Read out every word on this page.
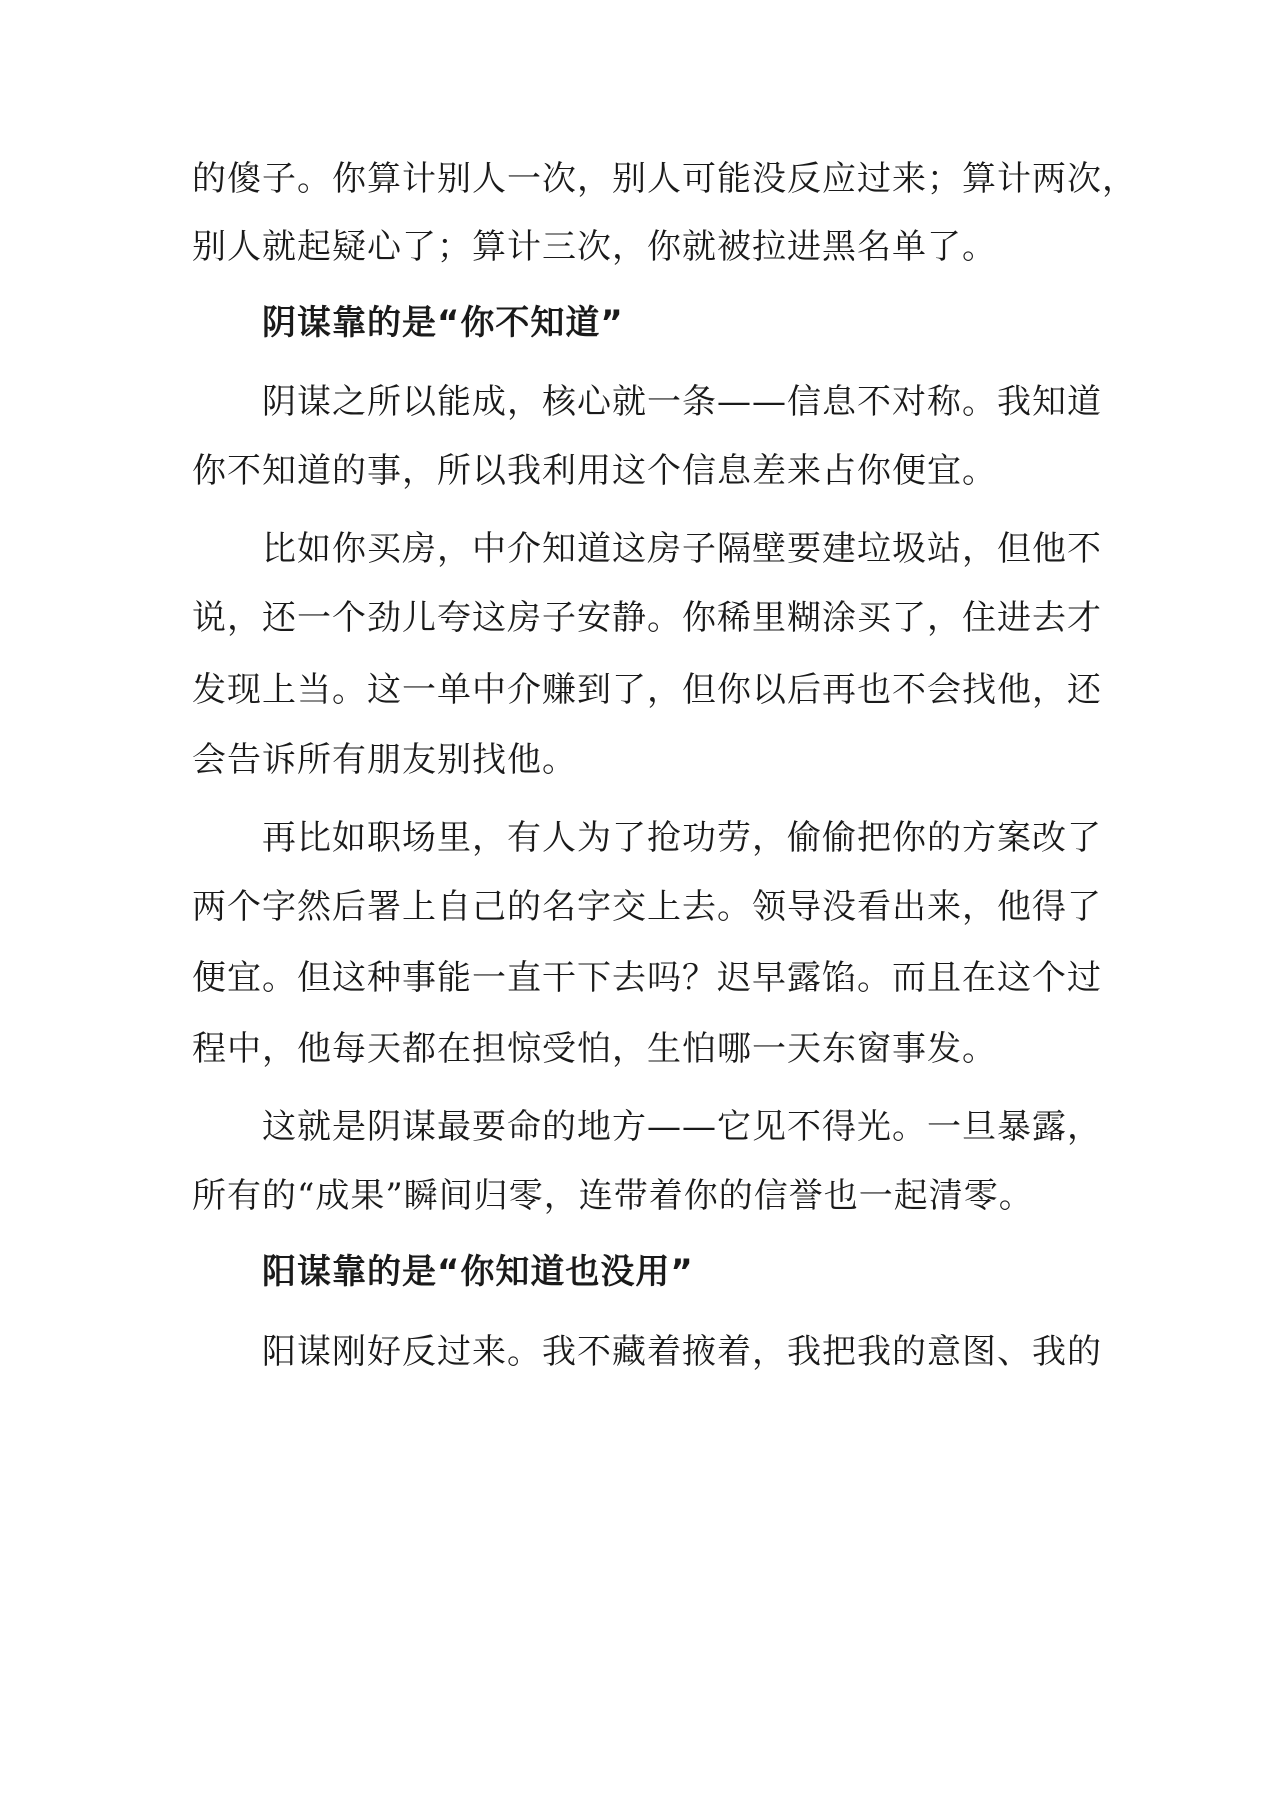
的傻子。你算计别人一次，别人可能没反应过来；算计两次，
别人就起疑心了；算计三次，你就被拉进黑名单了。
阴谋靠的是“你不知道”
阴谋之所以能成，核心就一条——信息不对称。我知道
你不知道的事，所以我利用这个信息差来占你便宜。
比如你买房，中介知道这房子隔壁要建垃圾站，但他不
说，还一个劲儿夸这房子安静。你稀里糊涂买了，住进去才
发现上当。这一单中介赚到了，但你以后再也不会找他，还
会告诉所有朋友别找他。
再比如职场里，有人为了抢功劳，偷偷把你的方案改了
两个字然后署上自己的名字交上去。领导没看出来，他得了
便宜。但这种事能一直干下去吗？迟早露馅。而且在这个过
程中，他每天都在担惊受怕，生怕哪一天东窗事发。
这就是阴谋最要命的地方——它见不得光。一旦暴露，
所有的“成果”瞬间归零，连带着你的信誉也一起清零。
阳谋靠的是“你知道也没用”
阳谋刚好反过来。我不藏着掖着，我把我的意图、我的
